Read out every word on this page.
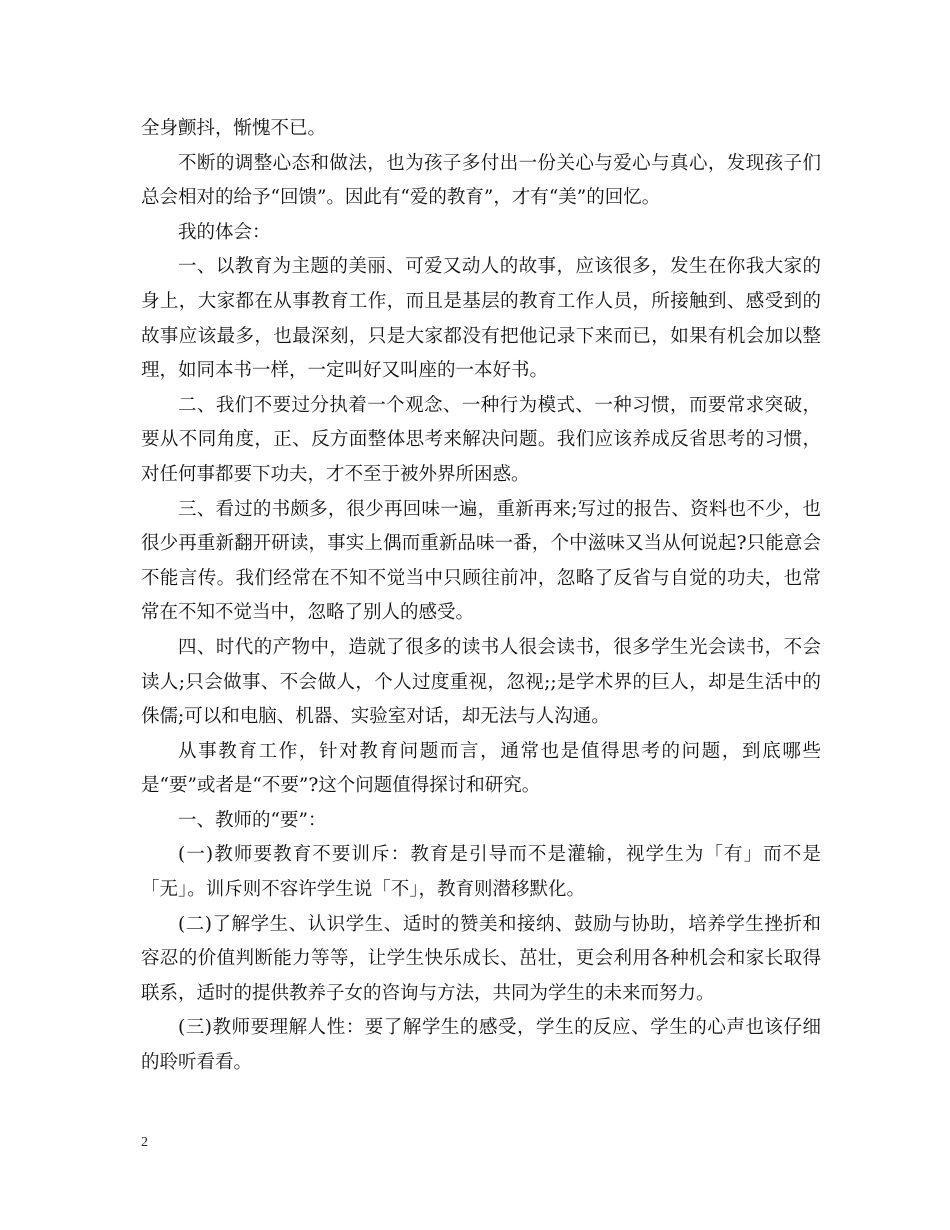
全身颤抖，惭愧不已。

不断的调整心态和做法，也为孩子多付出一份关心与爱心与真心，发现孩子们总会相对的给予“回馈”。因此有“爱的教育”，才有“美”的回忆。

我的体会：

一、以教育为主题的美丽、可爱又动人的故事，应该很多，发生在你我大家的身上，大家都在从事教育工作，而且是基层的教育工作人员，所接触到、感受到的故事应该最多，也最深刻，只是大家都没有把他记录下来而已，如果有机会加以整理，如同本书一样，一定叫好又叫座的一本好书。

二、我们不要过分执着一个观念、一种行为模式、一种习惯，而要常求突破，要从不同角度，正、反方面整体思考来解决问题。我们应该养成反省思考的习惯，对任何事都要下功夫，才不至于被外界所困惑。

三、看过的书颇多，很少再回味一遍，重新再来;写过的报告、资料也不少，也很少再重新翻开研读，事实上偶而重新品味一番，个中滋味又当从何说起?只能意会不能言传。我们经常在不知不觉当中只顾往前冲，忽略了反省与自觉的功夫，也常常在不知不觉当中，忽略了别人的感受。

四、时代的产物中，造就了很多的读书人很会读书，很多学生光会读书，不会读人;只会做事、不会做人，个人过度重视，忽视;;是学术界的巨人，却是生活中的侏儒;可以和电脑、机器、实验室对话，却无法与人沟通。

从事教育工作，针对教育问题而言，通常也是值得思考的问题，到底哪些是“要”或者是“不要”?这个问题值得探讨和研究。

一、教师的“要”：

(一)教师要教育不要训斥：教育是引导而不是灌输，视学生为「有」而不是「无」。训斥则不容许学生说「不」，教育则潜移默化。

(二)了解学生、认识学生、适时的赞美和接纳、鼓励与协助，培养学生挫折和容忍的价值判断能力等等，让学生快乐成长、茁壮，更会利用各种机会和家长取得联系，适时的提供教养子女的咨询与方法，共同为学生的未来而努力。

(三)教师要理解人性：要了解学生的感受，学生的反应、学生的心声也该仔细的聆听看看。

2
